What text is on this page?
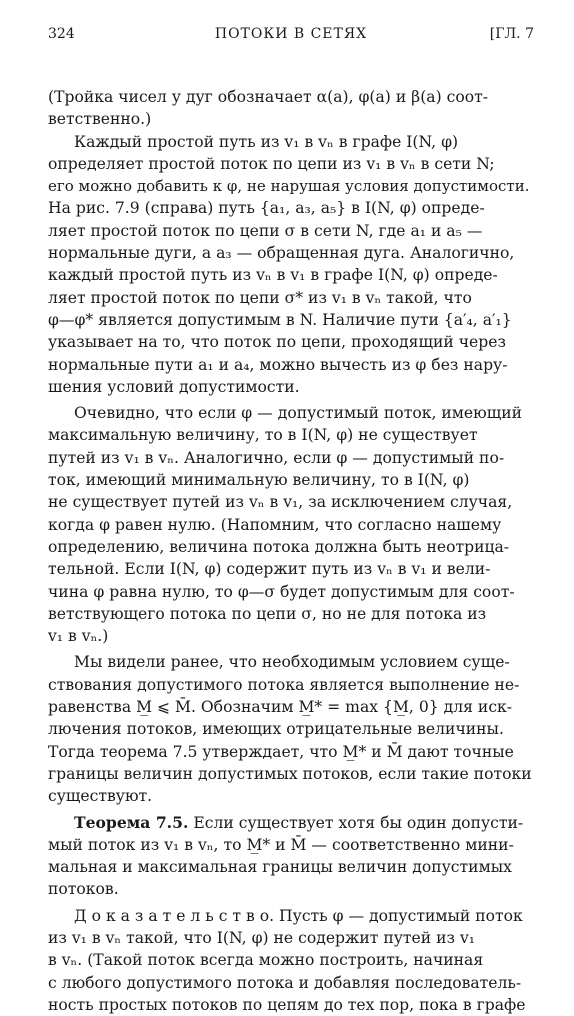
324	ПОТОКИ В СЕТЯХ	[ГЛ. 7
(Тройка чисел у дуг обозначает α(a), φ(a) и β(a) соот-
ветственно.)
Каждый простой путь из v₁ в vₙ в графе I(N, φ)
определяет простой поток по цепи из v₁ в vₙ в сети N;
его можно добавить к φ, не нарушая условия допустимости.
На рис. 7.9 (справа) путь {a₁, a₃, a₅} в I(N, φ) опреде-
ляет простой поток по цепи σ в сети N, где a₁ и a₅ —
нормальные дуги, а a₃ — обращенная дуга. Аналогично,
каждый простой путь из vₙ в v₁ в графе I(N, φ) опреде-
ляет простой поток по цепи σ* из v₁ в vₙ такой, что
φ—φ* является допустимым в N. Наличие пути {a′₄, a′₁}
указывает на то, что поток по цепи, проходящий через
нормальные пути a₁ и a₄, можно вычесть из φ без нару-
шения условий допустимости.
Очевидно, что если φ — допустимый поток, имеющий
максимальную величину, то в I(N, φ) не существует
путей из v₁ в vₙ. Аналогично, если φ — допустимый по-
ток, имеющий минимальную величину, то в I(N, φ)
не существует путей из vₙ в v₁, за исключением случая,
когда φ равен нулю. (Напомним, что согласно нашему
определению, величина потока должна быть неотрица-
тельной. Если I(N, φ) содержит путь из vₙ в v₁ и вели-
чина φ равна нулю, то φ—σ будет допустимым для соот-
ветствующего потока по цепи σ, но не для потока из
v₁ в vₙ.)
Мы видели ранее, что необходимым условием суще-
ствования допустимого потока является выполнение не-
равенства M̲ ⩽ M̄. Обозначим M̲* = max {M̲, 0} для иск-
лючения потоков, имеющих отрицательные величины.
Тогда теорема 7.5 утверждает, что M̲* и M̄ дают точные
границы величин допустимых потоков, если такие потоки
существуют.
Теорема 7.5. Если существует хотя бы один допусти-
мый поток из v₁ в vₙ, то M̲* и M̄ — соответственно мини-
мальная и максимальная границы величин допустимых
потоков.
Д о к а з а т е л ь с т в о. Пусть φ — допустимый поток
из v₁ в vₙ такой, что I(N, φ) не содержит путей из v₁
в vₙ. (Такой поток всегда можно построить, начиная
с любого допустимого потока и добавляя последователь-
ность простых потоков по цепям до тех пор, пока в графе
